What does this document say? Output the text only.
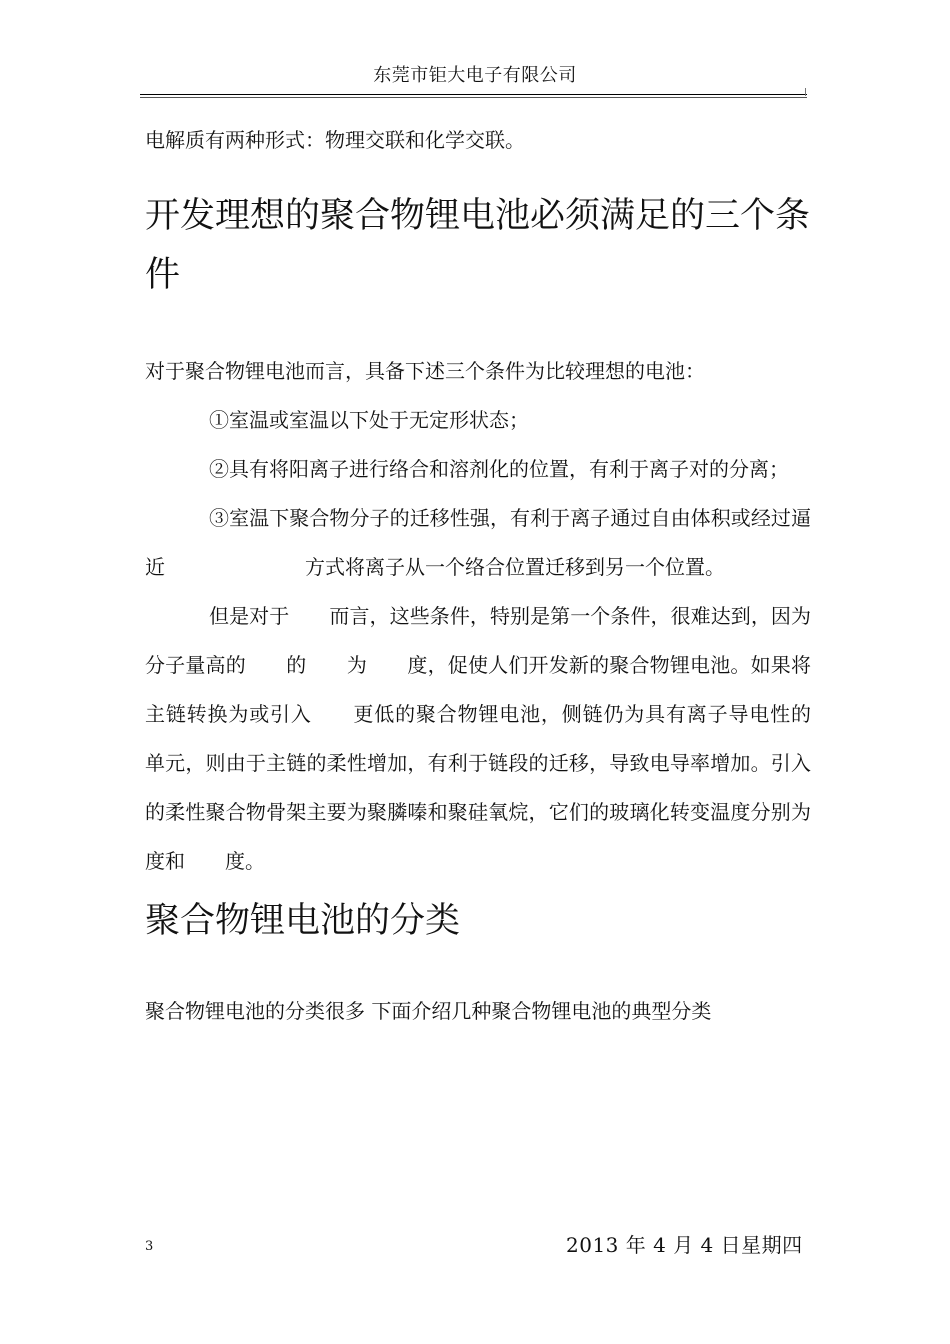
东莞市钜大电子有限公司

电解质有两种形式：物理交联和化学交联。

开发理想的聚合物锂电池必须满足的三个条件

对于聚合物锂电池而言，具备下述三个条件为比较理想的电池：

①室温或室温以下处于无定形状态；

②具有将阳离子进行络合和溶剂化的位置，有利于离子对的分离；

③室温下聚合物分子的迁移性强，有利于离子通过自由体积或经过逼近　　　　　　　方式将离子从一个络合位置迁移到另一个位置。

但是对于　　而言，这些条件，特别是第一个条件，很难达到，因为分子量高的　　的　　为　　度，促使人们开发新的聚合物锂电池。如果将　　主链转换为或引入　　更低的聚合物锂电池，侧链仍为具有离子导电性的　　单元，则由于主链的柔性增加，有利于链段的迁移，导致电导率增加。引入的柔性聚合物骨架主要为聚膦嗪和聚硅氧烷，它们的玻璃化转变温度分别为　　度和　　度。

聚合物锂电池的分类

聚合物锂电池的分类很多 下面介绍几种聚合物锂电池的典型分类

3	2013 年 4 月 4 日星期四
